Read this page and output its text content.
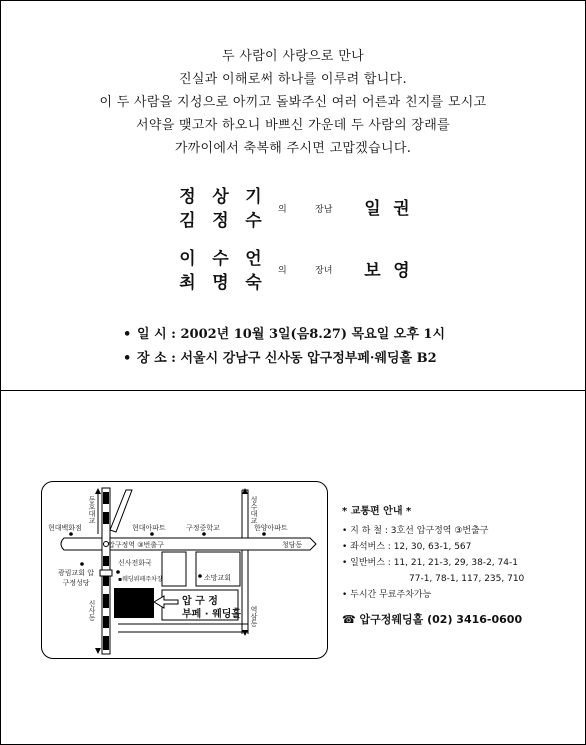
두 사람이 사랑으로 만나
진실과 이해로써 하나를 이루려 합니다.
이 두 사람을 지성으로 아끼고 돌봐주신 여러 어른과 친지를 모시고
서약을 맺고자 하오니 바쁘신 가운데 두 사람의 장래를
가까이에서 축복해 주시면 고맙겠습니다.
정 상 기
김 정 수
의	장남	일 권
이 수 언
최 명 숙
의	장녀	보 영
• 일 시 : 2002년 10월 3일(음8.27) 목요일 오후 1시
• 장 소 : 서울시 강남구 신사동 압구정부페·웨딩홀 B2
현대백화점	현대아파트	구정중학교	한양아파트
압구정역 ③번출구	청담동
광림교회 압구정성당
신사전화국
▪웨딩뷔페주차장	소망교회
압 구 정
부페 · 웨딩홀
신사동	역삼동
성수대교
동호대교	* 교통편 안내 *
• 지 하 철 : 3호선 압구정역 ③번출구
• 좌석버스 : 12, 30, 63-1, 567
• 일반버스 : 11, 21, 21-3, 29, 38-2, 74-1
77-1, 78-1, 117, 235, 710
• 두시간 무료주차가능
☎ 압구정웨딩홀 (02) 3416-0600
